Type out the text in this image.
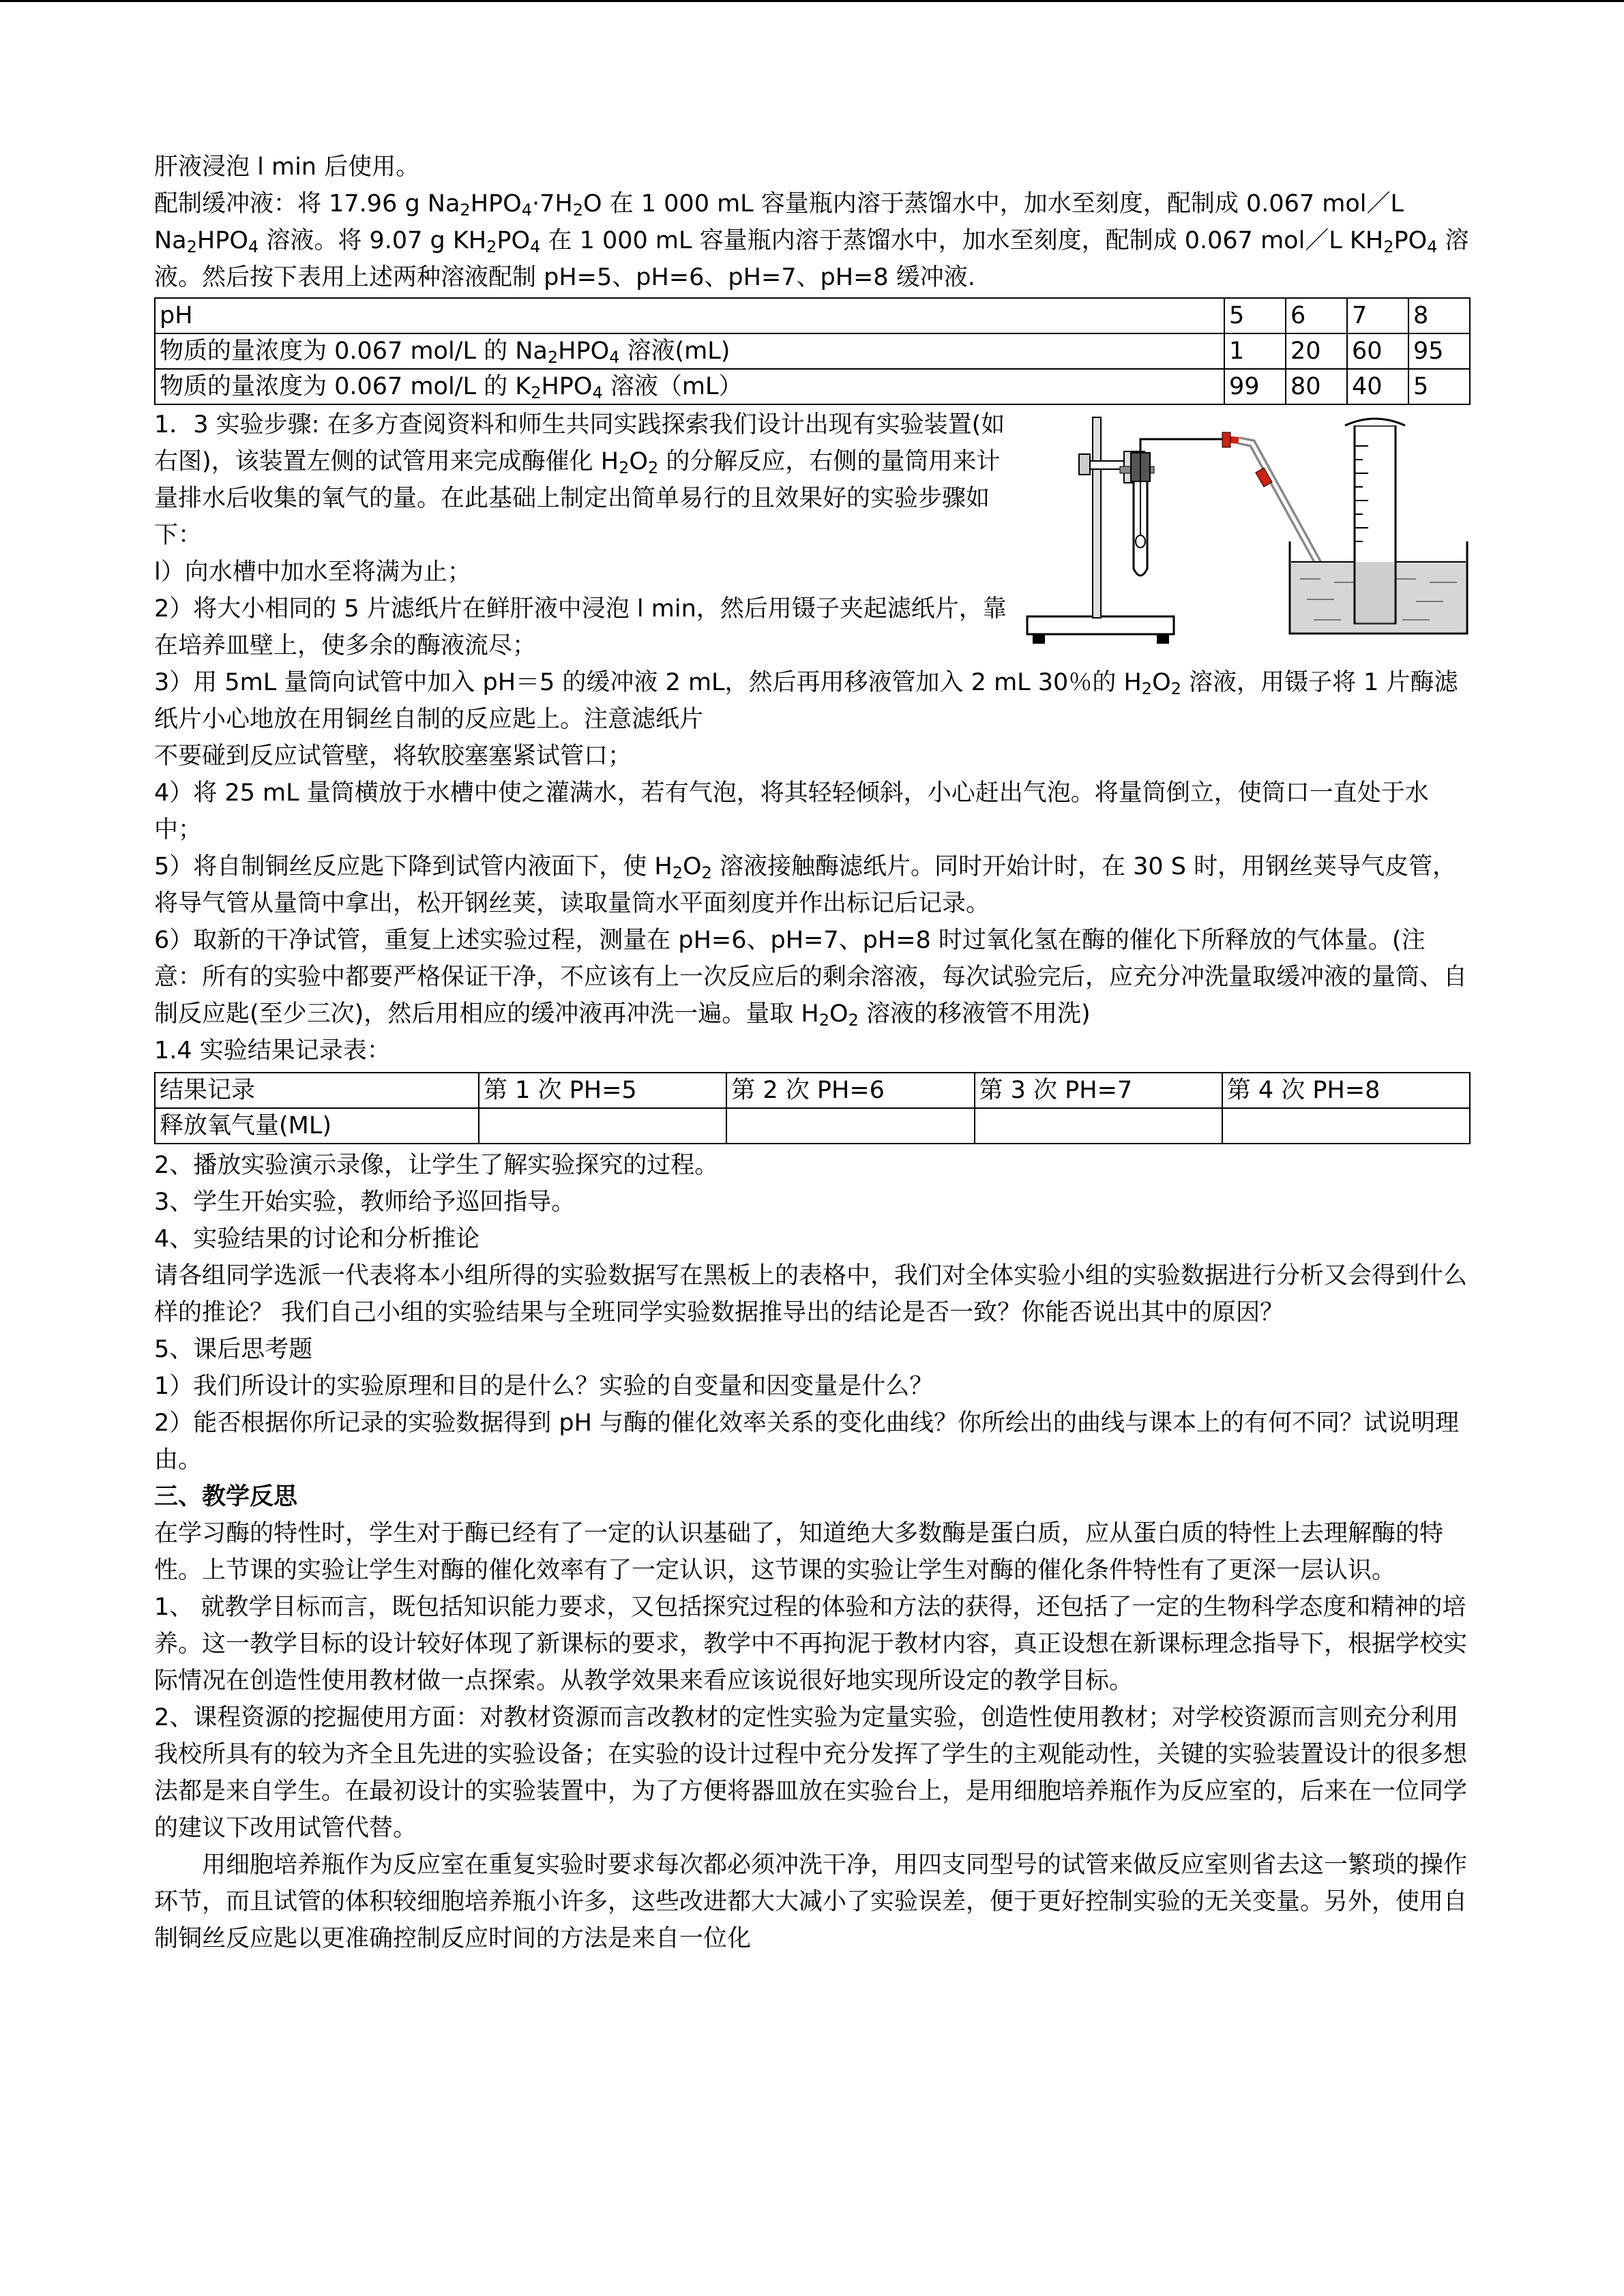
肝液浸泡 l min 后使用。

配制缓冲液：将 17.96 g $Na_2HPO_4\cdot 7H_2O$ 在 1 000 mL 容量瓶内溶于蒸馏水中，加水至刻度，配制成 0.067 mol／L $Na_2HPO_4$ 溶液。将 9.07 g $KH_2PO_4$ 在 1 000 mL 容量瓶内溶于蒸馏水中，加水至刻度，配制成 0.067 mol／L $KH_2PO_4$ 溶液。然后按下表用上述两种溶液配制 pH=5、pH=6、pH=7、pH=8 缓冲液.

pH	5	6	7	8
物质的量浓度为 0.067 mol/L 的 $Na_2HPO_4$ 溶液(mL)	1	20	60	95
物质的量浓度为 0.067 mol/L 的 $K_2HPO_4$ 溶液（mL）	99	80	40	5

1．3 实验步骤: 在多方查阅资料和师生共同实践探索我们设计出现有实验装置(如右图)，该装置左侧的试管用来完成酶催化 $H_2O_2$ 的分解反应，右侧的量筒用来计量排水后收集的氧气的量。在此基础上制定出简单易行的且效果好的实验步骤如下：

l）向水槽中加水至将满为止；

2）将大小相同的 5 片滤纸片在鲜肝液中浸泡 l min，然后用镊子夹起滤纸片，靠在培养皿壁上，使多余的酶液流尽；

3）用 5mL 量筒向试管中加入 pH＝5 的缓冲液 2 mL，然后再用移液管加入 2 mL 30％的 $H_2O_2$ 溶液，用镊子将 1 片酶滤纸片小心地放在用铜丝自制的反应匙上。注意滤纸片

不要碰到反应试管壁，将软胶塞塞紧试管口；

4）将 25 mL 量筒横放于水槽中使之灌满水，若有气泡，将其轻轻倾斜，小心赶出气泡。将量筒倒立，使筒口一直处于水中；

5）将自制铜丝反应匙下降到试管内液面下，使 $H_2O_2$ 溶液接触酶滤纸片。同时开始计时，在 30 S 时，用钢丝荚导气皮管，将导气管从量筒中拿出，松开钢丝荚，读取量筒水平面刻度并作出标记后记录。

6）取新的干净试管，重复上述实验过程，测量在 pH=6、pH=7、pH=8 时过氧化氢在酶的催化下所释放的气体量。(注意：所有的实验中都要严格保证干净，不应该有上一次反应后的剩余溶液，每次试验完后，应充分冲洗量取缓冲液的量筒、自制反应匙(至少三次)，然后用相应的缓冲液再冲洗一遍。量取 $H_2O_2$ 溶液的移液管不用洗)

1.4 实验结果记录表：

结果记录	第 1 次 PH=5	第 2 次 PH=6	第 3 次 PH=7	第 4 次 PH=8
释放氧气量(ML)				

2、播放实验演示录像，让学生了解实验探究的过程。

3、学生开始实验，教师给予巡回指导。

4、实验结果的讨论和分析推论

请各组同学选派一代表将本小组所得的实验数据写在黑板上的表格中，我们对全体实验小组的实验数据进行分析又会得到什么样的推论？ 我们自己小组的实验结果与全班同学实验数据推导出的结论是否一致？你能否说出其中的原因？

5、课后思考题

1）我们所设计的实验原理和目的是什么？实验的自变量和因变量是什么？

2）能否根据你所记录的实验数据得到 pH 与酶的催化效率关系的变化曲线？你所绘出的曲线与课本上的有何不同？试说明理由。

三、教学反思

在学习酶的特性时，学生对于酶已经有了一定的认识基础了，知道绝大多数酶是蛋白质，应从蛋白质的特性上去理解酶的特性。上节课的实验让学生对酶的催化效率有了一定认识，这节课的实验让学生对酶的催化条件特性有了更深一层认识。

1、 就教学目标而言，既包括知识能力要求，又包括探究过程的体验和方法的获得，还包括了一定的生物科学态度和精神的培养。这一教学目标的设计较好体现了新课标的要求，教学中不再拘泥于教材内容，真正设想在新课标理念指导下，根据学校实际情况在创造性使用教材做一点探索。从教学效果来看应该说很好地实现所设定的教学目标。

2、课程资源的挖掘使用方面：对教材资源而言改教材的定性实验为定量实验，创造性使用教材；对学校资源而言则充分利用我校所具有的较为齐全且先进的实验设备；在实验的设计过程中充分发挥了学生的主观能动性，关键的实验装置设计的很多想法都是来自学生。在最初设计的实验装置中，为了方便将器皿放在实验台上，是用细胞培养瓶作为反应室的，后来在一位同学的建议下改用试管代替。

用细胞培养瓶作为反应室在重复实验时要求每次都必须冲洗干净，用四支同型号的试管来做反应室则省去这一繁琐的操作环节，而且试管的体积较细胞培养瓶小许多，这些改进都大大减小了实验误差，便于更好控制实验的无关变量。另外，使用自制铜丝反应匙以更准确控制反应时间的方法是来自一位化
